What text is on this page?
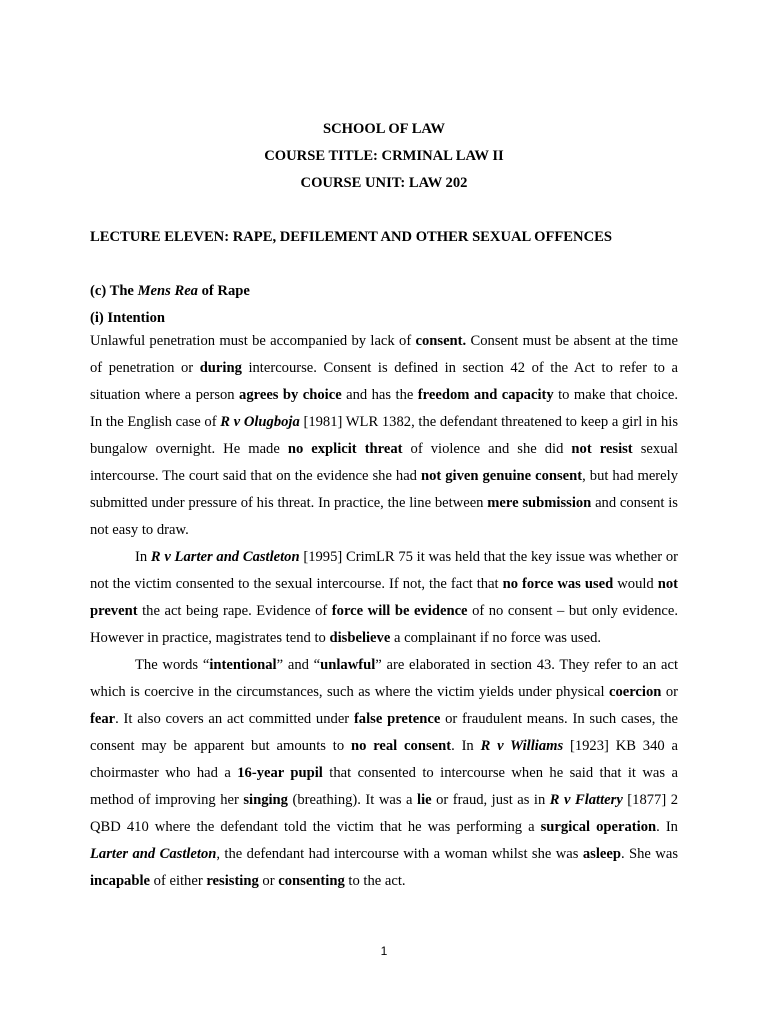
SCHOOL OF LAW
COURSE TITLE: CRMINAL LAW II
COURSE UNIT: LAW 202
LECTURE ELEVEN: RAPE, DEFILEMENT AND OTHER SEXUAL OFFENCES
(c) The Mens Rea of Rape
(i) Intention

Unlawful penetration must be accompanied by lack of consent. Consent must be absent at the time of penetration or during intercourse. Consent is defined in section 42 of the Act to refer to a situation where a person agrees by choice and has the freedom and capacity to make that choice. In the English case of R v Olugboja [1981] WLR 1382, the defendant threatened to keep a girl in his bungalow overnight. He made no explicit threat of violence and she did not resist sexual intercourse. The court said that on the evidence she had not given genuine consent, but had merely submitted under pressure of his threat. In practice, the line between mere submission and consent is not easy to draw.

In R v Larter and Castleton [1995] CrimLR 75 it was held that the key issue was whether or not the victim consented to the sexual intercourse. If not, the fact that no force was used would not prevent the act being rape. Evidence of force will be evidence of no consent – but only evidence. However in practice, magistrates tend to disbelieve a complainant if no force was used.

The words “intentional” and “unlawful” are elaborated in section 43. They refer to an act which is coercive in the circumstances, such as where the victim yields under physical coercion or fear. It also covers an act committed under false pretence or fraudulent means. In such cases, the consent may be apparent but amounts to no real consent. In R v Williams [1923] KB 340 a choirmaster who had a 16-year pupil that consented to intercourse when he said that it was a method of improving her singing (breathing). It was a lie or fraud, just as in R v Flattery [1877] 2 QBD 410 where the defendant told the victim that he was performing a surgical operation. In Larter and Castleton, the defendant had intercourse with a woman whilst she was asleep. She was incapable of either resisting or consenting to the act.

1
